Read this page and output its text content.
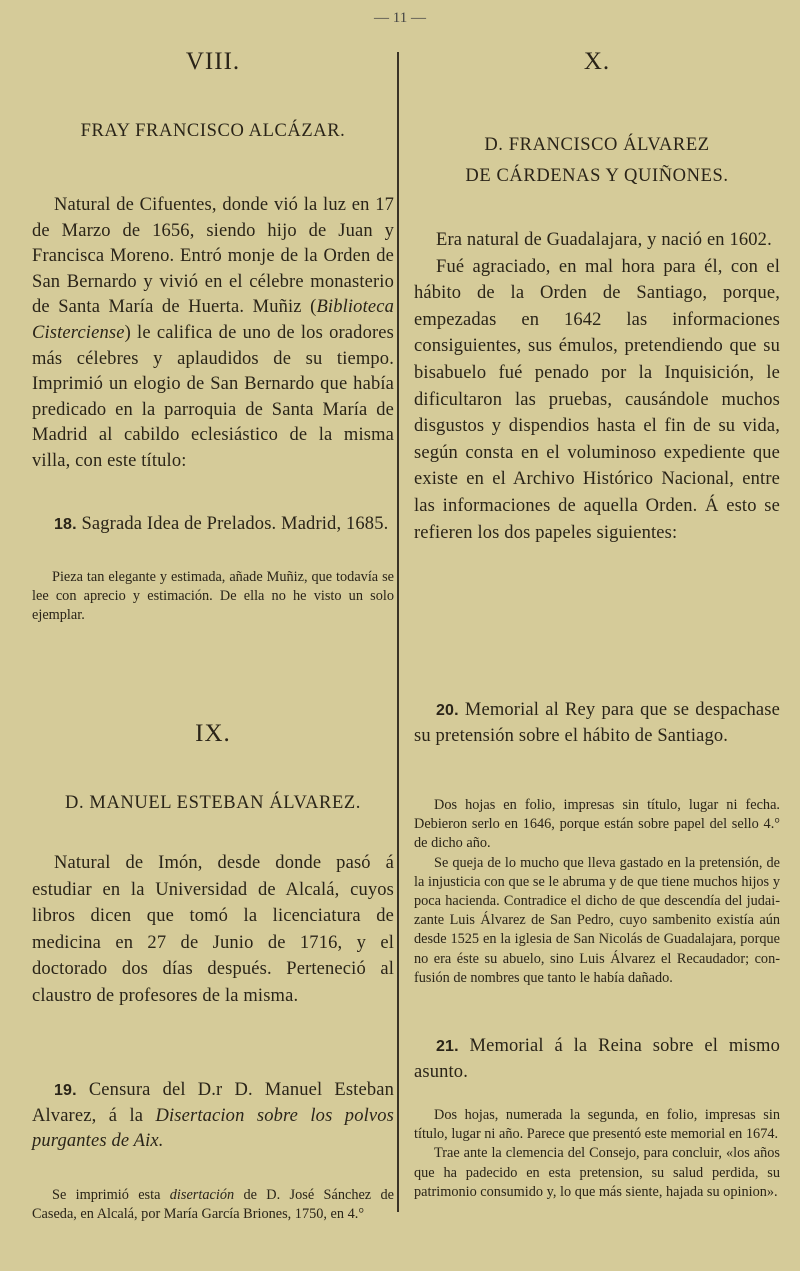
— 11 —
VIII.
FRAY FRANCISCO ALCÁZAR.

Natural de Cifuentes, donde vió la luz en 17 de Marzo de 1656, siendo hijo de Juan y Francisca Moreno. Entró monje de la Orden de San Bernardo y vivió en el célebre monasterio de Santa María de Huerta. Muñiz (Biblioteca Cisterciense) le califica de uno de los oradores más célebres y aplaudidos de su tiempo. Imprimió un elogio de San Bernardo que había predicado en la parroquia de Santa María de Madrid al cabildo eclesiástico de la misma villa, con este título:

18. Sagrada Idea de Prelados. Madrid, 1685.

Pieza tan elegante y estimada, añade Muñiz, que todavía se lee con aprecio y estimación. De ella no he visto un solo ejemplar.

IX.
D. MANUEL ESTEBAN ÁLVAREZ.

Natural de Imón, desde donde pasó á estudiar en la Universidad de Alcalá, cuyos libros dicen que tomó la licenciatura de medicina en 27 de Junio de 1716, y el doctorado dos días después. Perteneció al claustro de profesores de la misma.

19. Censura del D.r D. Manuel Esteban Alvarez, á la Disertacion sobre los polvos purgantes de Aix.

Se imprimió esta disertación de D. José Sánchez de Caseda, en Alcalá, por María García Briones, 1750, en 4.°

X.
D. FRANCISCO ÁLVAREZ
DE CÁRDENAS Y QUIÑONES.

Era natural de Guadalajara, y nació en 1602.

Fué agraciado, en mal hora para él, con el hábito de la Orden de Santiago, porque, empezadas en 1642 las informaciones consiguientes, sus émulos, pretendiendo que su bisabuelo fué penado por la Inquisición, le dificultaron las pruebas, causándole muchos disgustos y dispendios hasta el fin de su vida, según consta en el voluminoso expediente que existe en el Archivo Histórico Nacional, entre las informaciones de aquella Orden. Á esto se refieren los dos papeles siguientes:

20. Memorial al Rey para que se despachase su pretensión sobre el hábito de Santiago.

Dos hojas en folio, impresas sin título, lugar ni fecha. Debieron serlo en 1646, porque están sobre papel del sello 4.° de dicho año.

Se queja de lo mucho que lleva gastado en la pretensión, de la injusticia con que se le abruma y de que tiene muchos hijos y poca hacienda. Contradice el dicho de que descendía del judaizante Luis Álvarez de San Pedro, cuyo sambenito existía aún desde 1525 en la iglesia de San Nicolás de Guadalajara, porque no era éste su abuelo, sino Luis Álvarez el Recaudador; confusión de nombres que tanto le había dañado.

21. Memorial á la Reina sobre el mismo asunto.

Dos hojas, numerada la segunda, en folio, impresas sin título, lugar ni año. Parece que presentó este memorial en 1674.

Trae ante la clemencia del Consejo, para concluir, «los años que ha padecido en esta pretension, su salud perdida, su patrimonio consumido y, lo que más siente, hajada su opinion».
